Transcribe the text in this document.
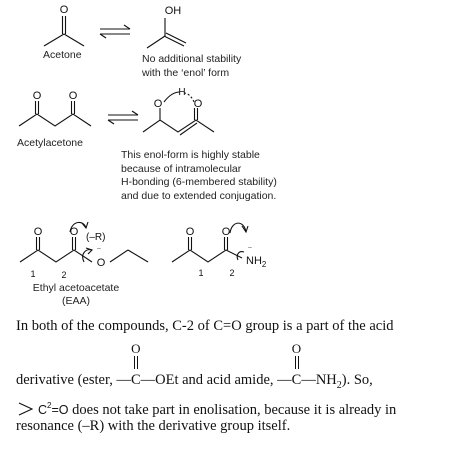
O	OH
O O
O
H
O
O O
O
¨
(–R)
1	2
O O
$NH_2$
¨
1	2
Acetone	No additional stability
with the ‘enol’ form
Acetylacetone
This enol-form is highly stable
because of intramolecular
H-bonding (6-membered stability)
and due to extended conjugation.
Ethyl acetoacetate
(EAA)
In both of the compounds, C-2 of C=O group is a part of the acid
derivative (ester, —
O
C—OEt and acid amide, —
O
$C—NH_2$). So,
$C^2=O$ does not take part in enolisation, because it is already in
resonance (–R) with the derivative group itself.
